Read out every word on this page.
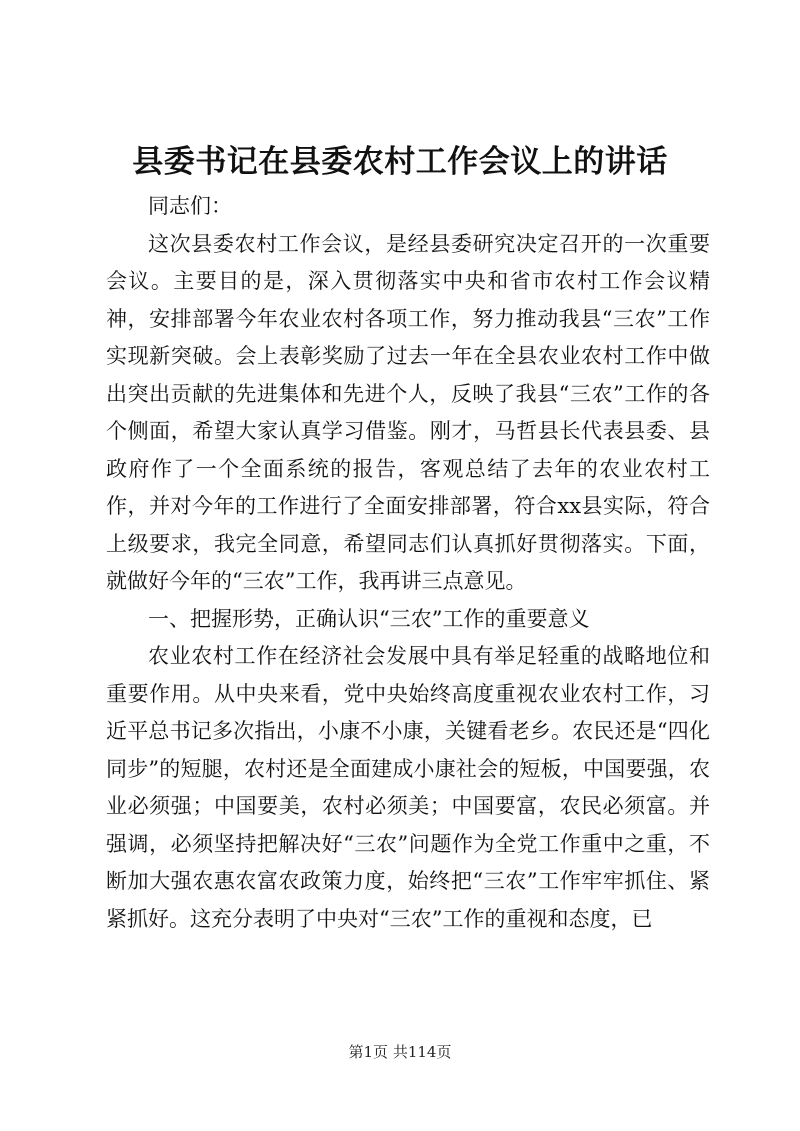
县委书记在县委农村工作会议上的讲话

同志们：

这次县委农村工作会议，是经县委研究决定召开的一次重要会议。主要目的是，深入贯彻落实中央和省市农村工作会议精神，安排部署今年农业农村各项工作，努力推动我县“三农”工作实现新突破。会上表彰奖励了过去一年在全县农业农村工作中做出突出贡献的先进集体和先进个人，反映了我县“三农”工作的各个侧面，希望大家认真学习借鉴。刚才，马哲县长代表县委、县政府作了一个全面系统的报告，客观总结了去年的农业农村工作，并对今年的工作进行了全面安排部署，符合xx县实际，符合上级要求，我完全同意，希望同志们认真抓好贯彻落实。下面，就做好今年的“三农”工作，我再讲三点意见。

一、把握形势，正确认识“三农”工作的重要意义

农业农村工作在经济社会发展中具有举足轻重的战略地位和重要作用。从中央来看，党中央始终高度重视农业农村工作，习近平总书记多次指出，小康不小康，关键看老乡。农民还是“四化同步”的短腿，农村还是全面建成小康社会的短板，中国要强，农业必须强；中国要美，农村必须美；中国要富，农民必须富。并强调，必须坚持把解决好“三农”问题作为全党工作重中之重，不断加大强农惠农富农政策力度，始终把“三农”工作牢牢抓住、紧紧抓好。这充分表明了中央对“三农”工作的重视和态度，已

第1页 共114页
